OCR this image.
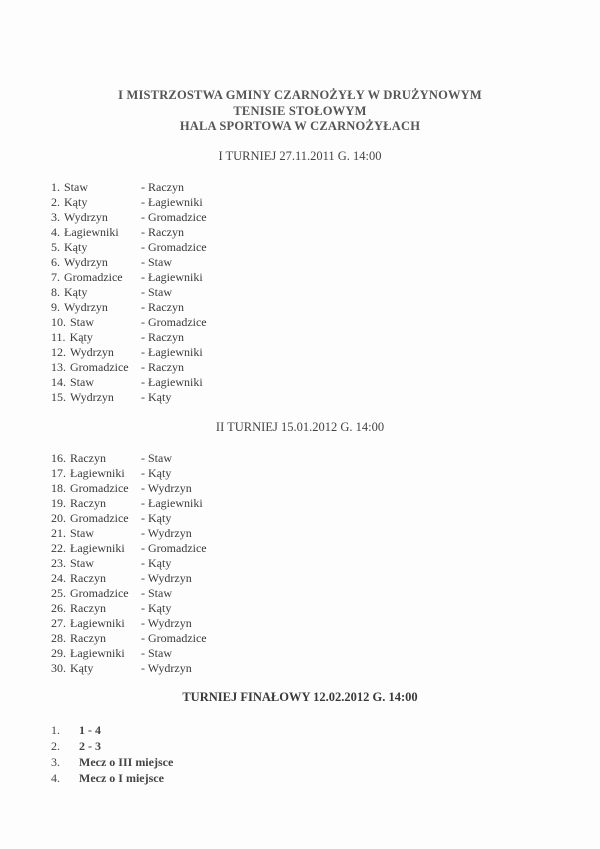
I MISTRZOSTWA GMINY CZARNOŻYŁY W DRUŻYNOWYM
TENISIE STOŁOWYM
HALA SPORTOWA W CZARNOŻYŁACH
I TURNIEJ 27.11.2011 G. 14:00
1. Staw	- Raczyn
2. Kąty	- Łagiewniki
3. Wydrzyn	- Gromadzice
4. Łagiewniki - Raczyn
5. Kąty	- Gromadzice
6. Wydrzyn	- Staw
7. Gromadzice - Łagiewniki
8. Kąty	- Staw
9. Wydrzyn	- Raczyn
10. Staw	- Gromadzice
11. Kąty	- Raczyn
12. Wydrzyn - Łagiewniki
13. Gromadzice - Raczyn
14. Staw	- Łagiewniki
15. Wydrzyn - Kąty
II TURNIEJ 15.01.2012 G. 14:00
16. Raczyn	- Staw
17. Łagiewniki - Kąty
18. Gromadzice - Wydrzyn
19. Raczyn	- Łagiewniki
20. Gromadzice - Kąty
21. Staw	- Wydrzyn
22. Łagiewniki - Gromadzice
23. Staw	- Kąty
24. Raczyn	- Wydrzyn
25. Gromadzice - Staw
26. Raczyn	- Kąty
27. Łagiewniki - Wydrzyn
28. Raczyn	- Gromadzice
29. Łagiewniki - Staw
30. Kąty	- Wydrzyn
TURNIEJ FINAŁOWY 12.02.2012 G. 14:00
1. 1 - 4
2. 2 - 3
3. Mecz o III miejsce
4. Mecz o I miejsce
